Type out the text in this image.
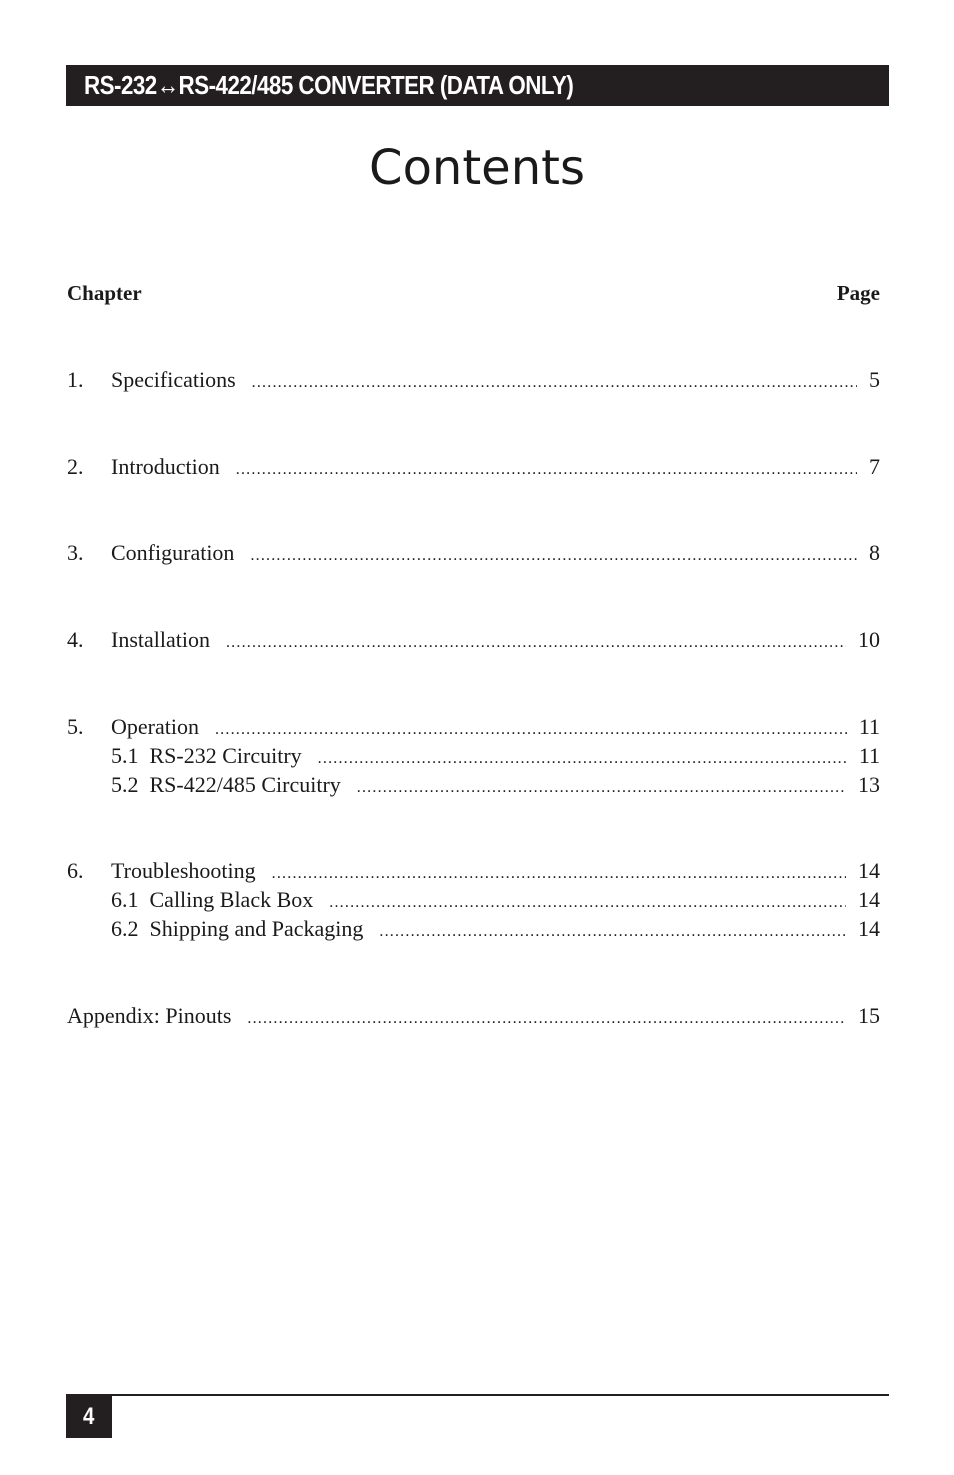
RS-232↔RS-422/485 CONVERTER (DATA ONLY)
Contents
Chapter	Page
1.	Specifications .....	5
2.	Introduction .....	7
3.	Configuration .....	8
4.	Installation .....	10
5.	Operation .....	11
5.1 RS-232 Circuitry .....	11
5.2 RS-422/485 Circuitry .....	13
6.	Troubleshooting .....	14
6.1 Calling Black Box .....	14
6.2 Shipping and Packaging .....	14
Appendix: Pinouts .....	15
4
